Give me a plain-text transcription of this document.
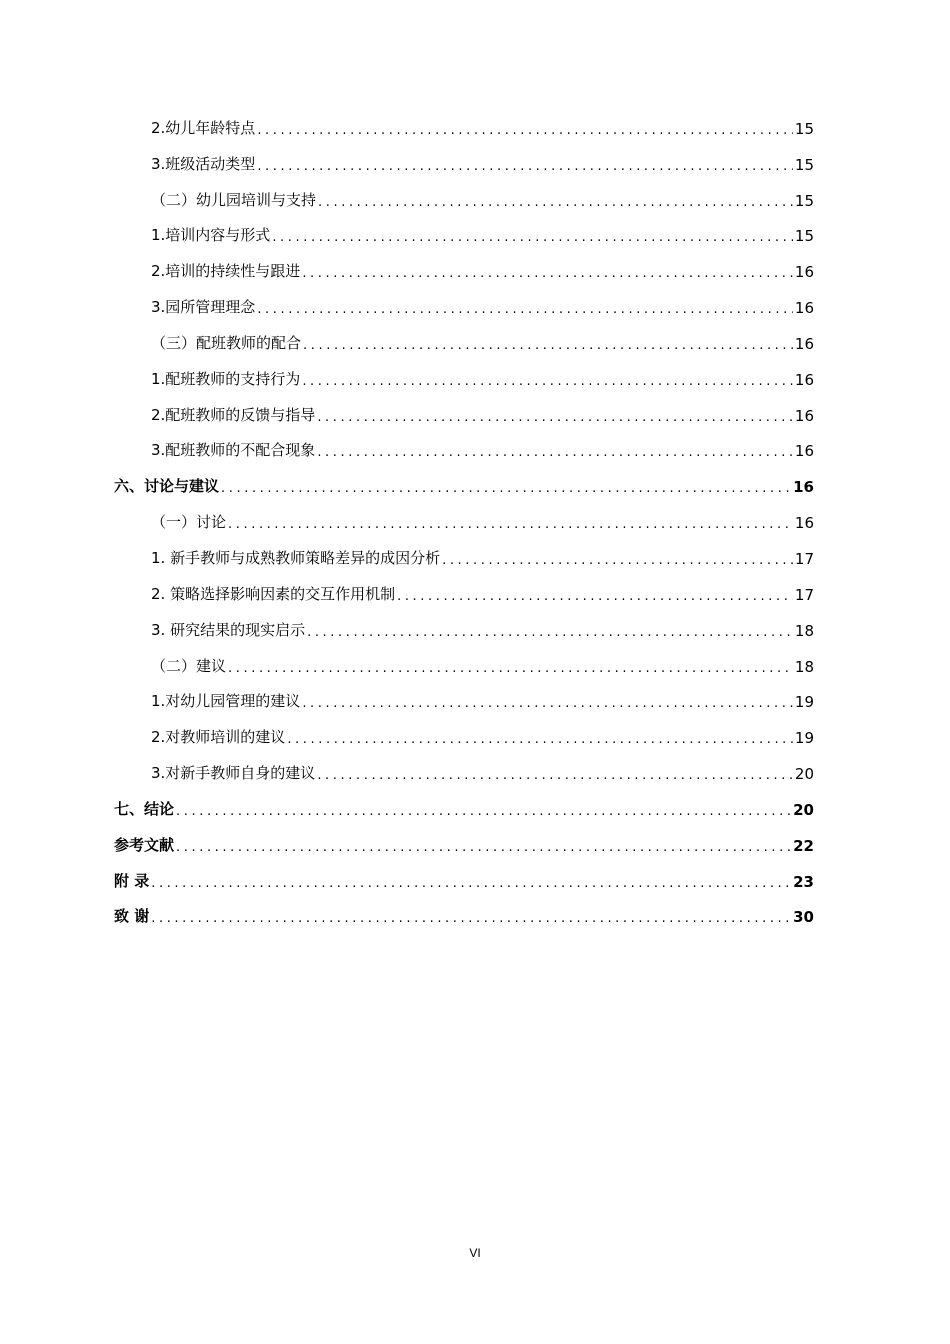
2.幼儿年龄特点 .....	15
3.班级活动类型 .....	15
（二）幼儿园培训与支持 .....	15
1.培训内容与形式 .....	15
2.培训的持续性与跟进 .....	16
3.园所管理理念 .....	16
（三）配班教师的配合 .....	16
1.配班教师的支持行为 .....	16
2.配班教师的反馈与指导 .....	16
3.配班教师的不配合现象 .....	16
六、讨论与建议 .....	16
（一）讨论 .....	16
1. 新手教师与成熟教师策略差异的成因分析 .....	17
2. 策略选择影响因素的交互作用机制 .....	17
3. 研究结果的现实启示 .....	18
（二）建议 .....	18
1.对幼儿园管理的建议 .....	19
2.对教师培训的建议 .....	19
3.对新手教师自身的建议 .....	20
七、结论 .....	20
参考文献 .....	22
附 录 .....	23
致 谢 .....	30
VI
